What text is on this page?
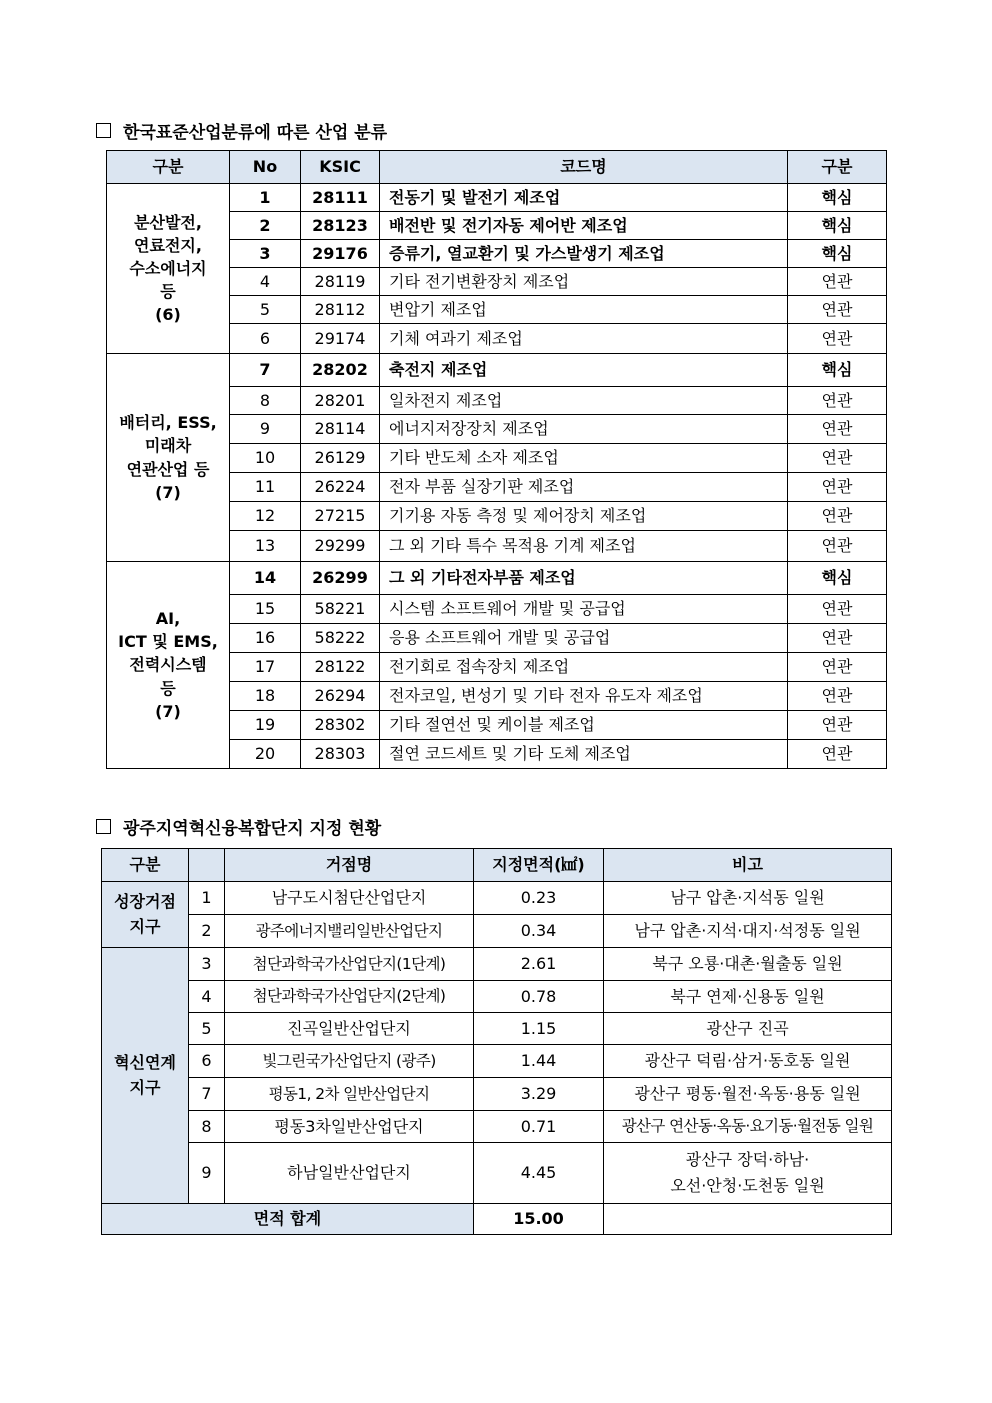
한국표준산업분류에 따른 산업 분류
구분	No	KSIC	코드명	구분
분산발전,
연료전지,
수소에너지
등
(6)	1	28111	전동기 및 발전기 제조업	핵심
	2	28123	배전반 및 전기자동 제어반 제조업	핵심
	3	29176	증류기, 열교환기 및 가스발생기 제조업	핵심
	4	28119	기타 전기변환장치 제조업	연관
	5	28112	변압기 제조업	연관
	6	29174	기체 여과기 제조업	연관
배터리, ESS,
미래차
연관산업 등
(7)	7	28202	축전지 제조업	핵심
	8	28201	일차전지 제조업	연관
	9	28114	에너지저장장치 제조업	연관
	10	26129	기타 반도체 소자 제조업	연관
	11	26224	전자 부품 실장기판 제조업	연관
	12	27215	기기용 자동 측정 및 제어장치 제조업	연관
	13	29299	그 외 기타 특수 목적용 기계 제조업	연관
AI,
ICT 및 EMS,
전력시스템
등
(7)	14	26299	그 외 기타전자부품 제조업	핵심
	15	58221	시스템 소프트웨어 개발 및 공급업	연관
	16	58222	응용 소프트웨어 개발 및 공급업	연관
	17	28122	전기회로 접속장치 제조업	연관
	18	26294	전자코일, 변성기 및 기타 전자 유도자 제조업	연관
	19	28302	기타 절연선 및 케이블 제조업	연관
	20	28303	절연 코드세트 및 기타 도체 제조업	연관
광주지역혁신융복합단지 지정 현황
구분		거점명	지정면적(㎢)	비고
성장거점
지구	1	남구도시첨단산업단지	0.23	남구 압촌·지석동 일원
	2	광주에너지밸리일반산업단지	0.34	남구 압촌·지석·대지·석정동 일원
혁신연계
지구	3	첨단과학국가산업단지(1단계)	2.61	북구 오룡·대촌·월출동 일원
	4	첨단과학국가산업단지(2단계)	0.78	북구 연제·신용동 일원
	5	진곡일반산업단지	1.15	광산구 진곡
	6	빛그린국가산업단지 (광주)	1.44	광산구 덕림·삼거·동호동 일원
	7	평동1, 2차 일반산업단지	3.29	광산구 평동·월전·옥동·용동 일원
	8	평동3차일반산업단지	0.71	광산구 연산동·옥동·요기동·월전동 일원
	9	하남일반산업단지	4.45	광산구 장덕·하남·
오선·안청·도천동 일원
면적 합계			15.00	
